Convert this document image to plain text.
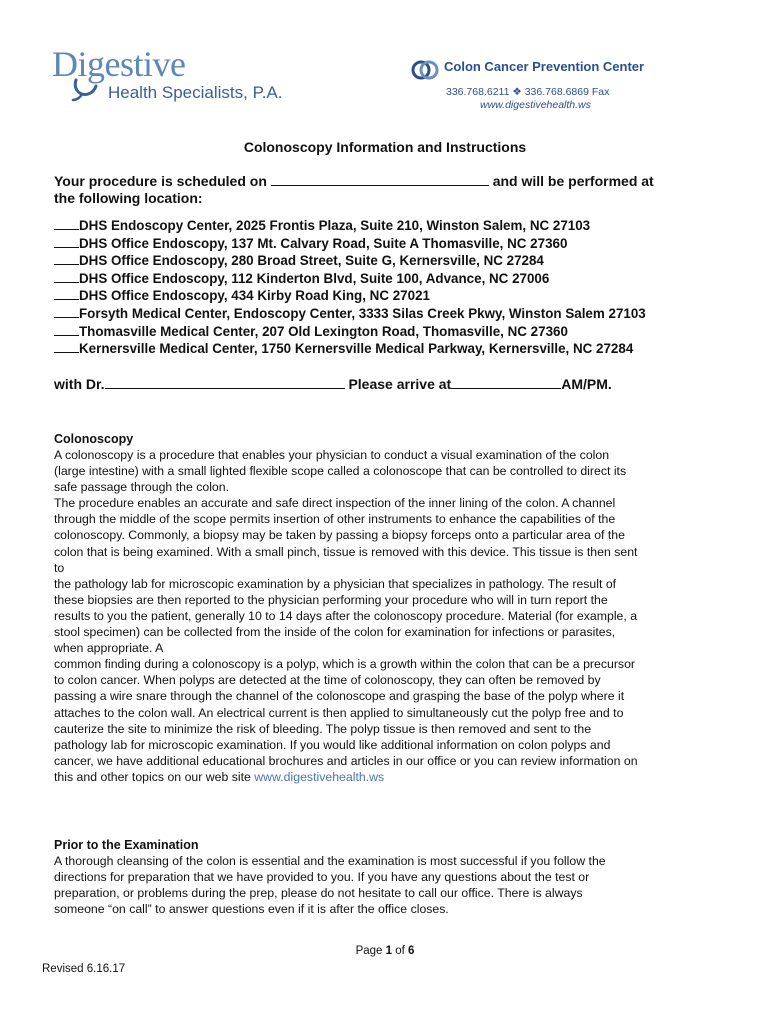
Digestive
Health Specialists, P.A.
Colon Cancer Prevention Center
336.768.6211 ❖ 336.768.6869 Fax
www.digestivehealth.ws
Colonoscopy Information and Instructions
Your procedure is scheduled on	and will be performed at
the following location:
DHS Endoscopy Center, 2025 Frontis Plaza, Suite 210, Winston Salem, NC 27103
DHS Office Endoscopy, 137 Mt. Calvary Road, Suite A Thomasville, NC 27360
DHS Office Endoscopy, 280 Broad Street, Suite G, Kernersville, NC 27284
DHS Office Endoscopy, 112 Kinderton Blvd, Suite 100, Advance, NC 27006
DHS Office Endoscopy, 434 Kirby Road King, NC 27021
Forsyth Medical Center, Endoscopy Center, 3333 Silas Creek Pkwy, Winston Salem 27103
Thomasville Medical Center, 207 Old Lexington Road, Thomasville, NC 27360
Kernersville Medical Center, 1750 Kernersville Medical Parkway, Kernersville, NC 27284
with Dr.	Please arrive at	AM/PM.
Colonoscopy
A colonoscopy is a procedure that enables your physician to conduct a visual examination of the colon
(large intestine) with a small lighted flexible scope called a colonoscope that can be controlled to direct its
safe passage through the colon.
The procedure enables an accurate and safe direct inspection of the inner lining of the colon. A channel
through the middle of the scope permits insertion of other instruments to enhance the capabilities of the
colonoscopy. Commonly, a biopsy may be taken by passing a biopsy forceps onto a particular area of the
colon that is being examined. With a small pinch, tissue is removed with this device. This tissue is then sent
to
the pathology lab for microscopic examination by a physician that specializes in pathology. The result of
these biopsies are then reported to the physician performing your procedure who will in turn report the
results to you the patient, generally 10 to 14 days after the colonoscopy procedure. Material (for example, a
stool specimen) can be collected from the inside of the colon for examination for infections or parasites,
when appropriate. A
common finding during a colonoscopy is a polyp, which is a growth within the colon that can be a precursor
to colon cancer. When polyps are detected at the time of colonoscopy, they can often be removed by
passing a wire snare through the channel of the colonoscope and grasping the base of the polyp where it
attaches to the colon wall. An electrical current is then applied to simultaneously cut the polyp free and to
cauterize the site to minimize the risk of bleeding. The polyp tissue is then removed and sent to the
pathology lab for microscopic examination. If you would like additional information on colon polyps and
cancer, we have additional educational brochures and articles in our office or you can review information on
this and other topics on our web site www.digestivehealth.ws
Prior to the Examination
A thorough cleansing of the colon is essential and the examination is most successful if you follow the
directions for preparation that we have provided to you. If you have any questions about the test or
preparation, or problems during the prep, please do not hesitate to call our office. There is always
someone “on call” to answer questions even if it is after the office closes.
Page 1 of 6
Revised 6.16.17
